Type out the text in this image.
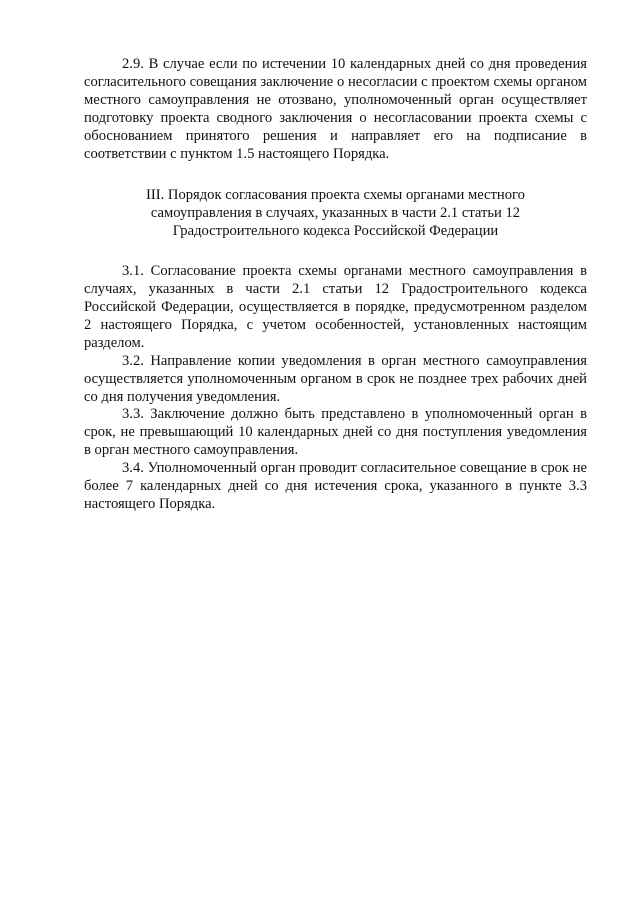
2.9. В случае если по истечении 10 календарных дней со дня проведения согласительного совещания заключение о несогласии с проектом схемы органом местного самоуправления не отозвано, уполномоченный орган осуществляет подготовку проекта сводного заключения о несогласовании проекта схемы с обоснованием принятого решения и направляет его на подписание в соответствии с пунктом 1.5 настоящего Порядка.

III. Порядок согласования проекта схемы органами местного самоуправления в случаях, указанных в части 2.1 статьи 12 Градостроительного кодекса Российской Федерации

3.1. Согласование проекта схемы органами местного самоуправления в случаях, указанных в части 2.1 статьи 12 Градостроительного кодекса Российской Федерации, осуществляется в порядке, предусмотренном разделом 2 настоящего Порядка, с учетом особенностей, установленных настоящим разделом.

3.2. Направление копии уведомления в орган местного самоуправления осуществляется уполномоченным органом в срок не позднее трех рабочих дней со дня получения уведомления.

3.3. Заключение должно быть представлено в уполномоченный орган в срок, не превышающий 10 календарных дней со дня поступления уведомления в орган местного самоуправления.

3.4. Уполномоченный орган проводит согласительное совещание в срок не более 7 календарных дней со дня истечения срока, указанного в пункте 3.3 настоящего Порядка.
